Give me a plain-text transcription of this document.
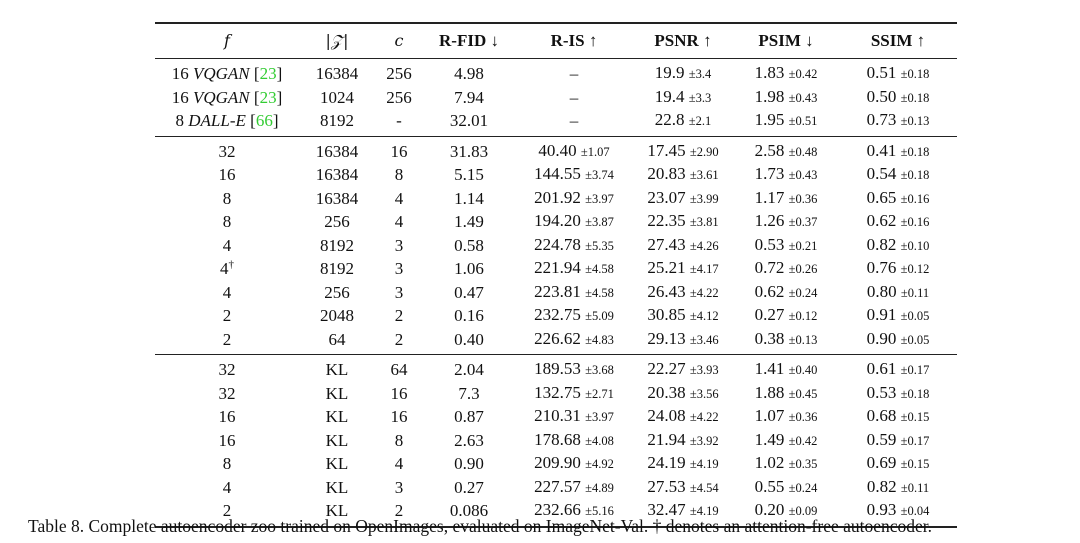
f	|𝒵|	c	R-FID ↓	R-IS ↑	PSNR ↑	PSIM ↓	SSIM ↑
16 VQGAN [23]	16384	256	4.98	–	19.9 ±3.4	1.83 ±0.42	0.51 ±0.18
16 VQGAN [23]	1024	256	7.94	–	19.4 ±3.3	1.98 ±0.43	0.50 ±0.18
8 DALL-E [66]	8192	-	32.01	–	22.8 ±2.1	1.95 ±0.51	0.73 ±0.13
32	16384	16	31.83	40.40 ±1.07	17.45 ±2.90	2.58 ±0.48	0.41 ±0.18
16	16384	8	5.15	144.55 ±3.74	20.83 ±3.61	1.73 ±0.43	0.54 ±0.18
8	16384	4	1.14	201.92 ±3.97	23.07 ±3.99	1.17 ±0.36	0.65 ±0.16
8	256	4	1.49	194.20 ±3.87	22.35 ±3.81	1.26 ±0.37	0.62 ±0.16
4	8192	3	0.58	224.78 ±5.35	27.43 ±4.26	0.53 ±0.21	0.82 ±0.10
4†	8192	3	1.06	221.94 ±4.58	25.21 ±4.17	0.72 ±0.26	0.76 ±0.12
4	256	3	0.47	223.81 ±4.58	26.43 ±4.22	0.62 ±0.24	0.80 ±0.11
2	2048	2	0.16	232.75 ±5.09	30.85 ±4.12	0.27 ±0.12	0.91 ±0.05
2	64	2	0.40	226.62 ±4.83	29.13 ±3.46	0.38 ±0.13	0.90 ±0.05
32	KL	64	2.04	189.53 ±3.68	22.27 ±3.93	1.41 ±0.40	0.61 ±0.17
32	KL	16	7.3	132.75 ±2.71	20.38 ±3.56	1.88 ±0.45	0.53 ±0.18
16	KL	16	0.87	210.31 ±3.97	24.08 ±4.22	1.07 ±0.36	0.68 ±0.15
16	KL	8	2.63	178.68 ±4.08	21.94 ±3.92	1.49 ±0.42	0.59 ±0.17
8	KL	4	0.90	209.90 ±4.92	24.19 ±4.19	1.02 ±0.35	0.69 ±0.15
4	KL	3	0.27	227.57 ±4.89	27.53 ±4.54	0.55 ±0.24	0.82 ±0.11
2	KL	2	0.086	232.66 ±5.16	32.47 ±4.19	0.20 ±0.09	0.93 ±0.04
Table 8. Complete autoencoder zoo trained on OpenImages, evaluated on ImageNet-Val. † denotes an attention-free autoencoder.
